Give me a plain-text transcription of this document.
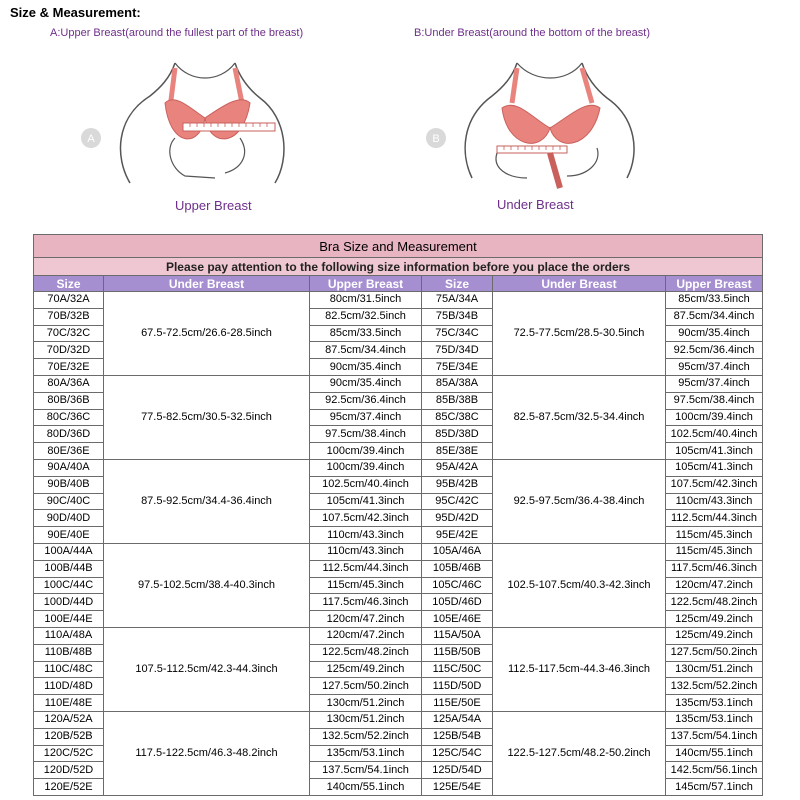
Size & Measurement:
A:Upper Breast(around the fullest part of the breast)
A
Upper Breast
B:Under Breast(around the bottom of the breast)
B
Under Breast
Bra Size and Measurement					
Please pay attention to the following size information before you place the orders					
Size	Under Breast	Upper Breast	Size	Under Breast	Upper Breast
70A/32A	67.5-72.5cm/26.6-28.5inch	80cm/31.5inch	75A/34A	72.5-77.5cm/28.5-30.5inch	85cm/33.5inch
70B/32B		82.5cm/32.5inch	75B/34B		87.5cm/34.4inch
70C/32C		85cm/33.5inch	75C/34C		90cm/35.4inch
70D/32D		87.5cm/34.4inch	75D/34D		92.5cm/36.4inch
70E/32E		90cm/35.4inch	75E/34E		95cm/37.4inch
80A/36A	77.5-82.5cm/30.5-32.5inch	90cm/35.4inch	85A/38A	82.5-87.5cm/32.5-34.4inch	95cm/37.4inch
80B/36B		92.5cm/36.4inch	85B/38B		97.5cm/38.4inch
80C/36C		95cm/37.4inch	85C/38C		100cm/39.4inch
80D/36D		97.5cm/38.4inch	85D/38D		102.5cm/40.4inch
80E/36E		100cm/39.4inch	85E/38E		105cm/41.3inch
90A/40A	87.5-92.5cm/34.4-36.4inch	100cm/39.4inch	95A/42A	92.5-97.5cm/36.4-38.4inch	105cm/41.3inch
90B/40B		102.5cm/40.4inch	95B/42B		107.5cm/42.3inch
90C/40C		105cm/41.3inch	95C/42C		110cm/43.3inch
90D/40D		107.5cm/42.3inch	95D/42D		112.5cm/44.3inch
90E/40E		110cm/43.3inch	95E/42E		115cm/45.3inch
100A/44A	97.5-102.5cm/38.4-40.3inch	110cm/43.3inch	105A/46A	102.5-107.5cm/40.3-42.3inch	115cm/45.3inch
100B/44B		112.5cm/44.3inch	105B/46B		117.5cm/46.3inch
100C/44C		115cm/45.3inch	105C/46C		120cm/47.2inch
100D/44D		117.5cm/46.3inch	105D/46D		122.5cm/48.2inch
100E/44E		120cm/47.2inch	105E/46E		125cm/49.2inch
110A/48A	107.5-112.5cm/42.3-44.3inch	120cm/47.2inch	115A/50A	112.5-117.5cm-44.3-46.3inch	125cm/49.2inch
110B/48B		122.5cm/48.2inch	115B/50B		127.5cm/50.2inch
110C/48C		125cm/49.2inch	115C/50C		130cm/51.2inch
110D/48D		127.5cm/50.2inch	115D/50D		132.5cm/52.2inch
110E/48E		130cm/51.2inch	115E/50E		135cm/53.1inch
120A/52A	117.5-122.5cm/46.3-48.2inch	130cm/51.2inch	125A/54A	122.5-127.5cm/48.2-50.2inch	135cm/53.1inch
120B/52B		132.5cm/52.2inch	125B/54B		137.5cm/54.1inch
120C/52C		135cm/53.1inch	125C/54C		140cm/55.1inch
120D/52D		137.5cm/54.1inch	125D/54D		142.5cm/56.1inch
120E/52E		140cm/55.1inch	125E/54E		145cm/57.1inch
